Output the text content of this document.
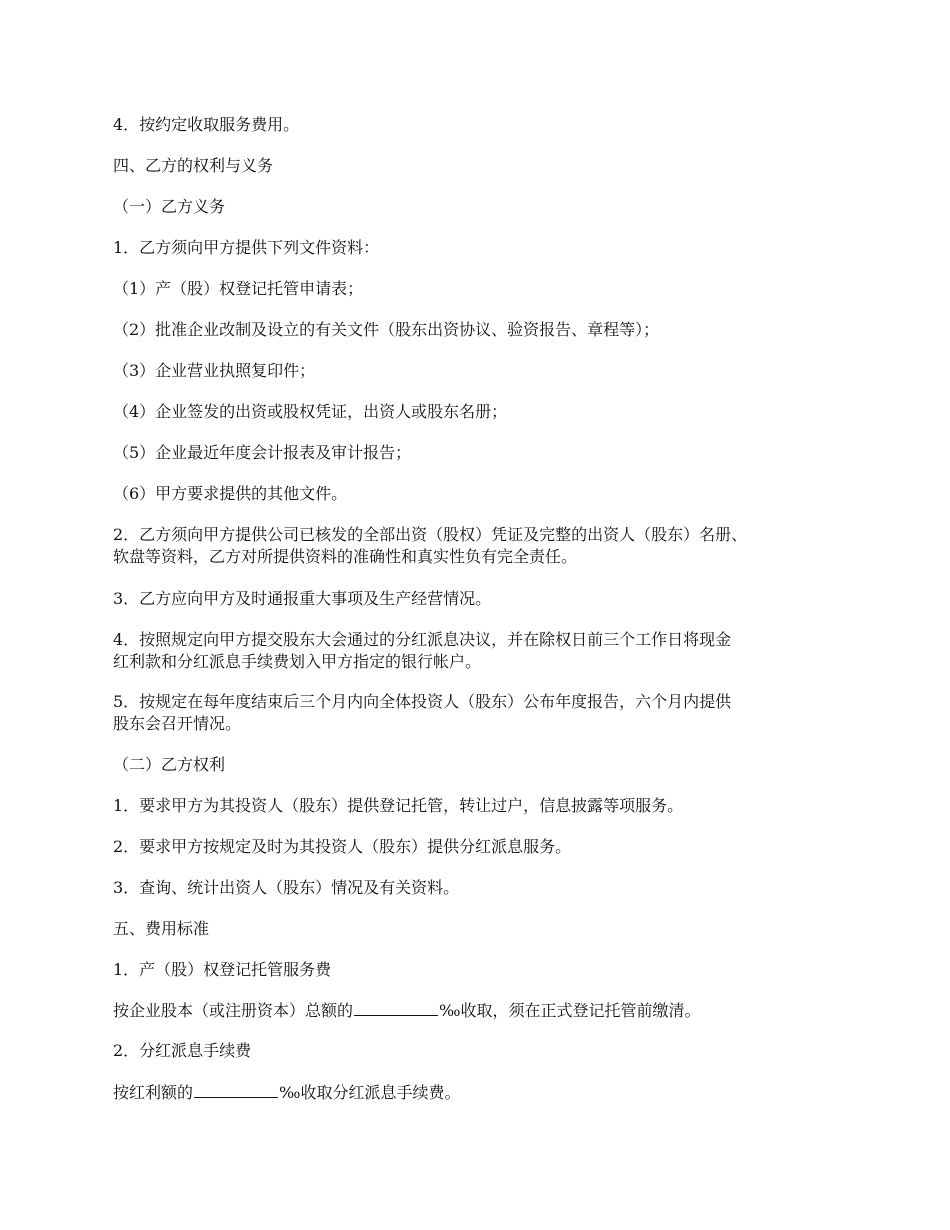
4．按约定收取服务费用。
四、乙方的权利与义务
（一）乙方义务
1．乙方须向甲方提供下列文件资料：
（1）产（股）权登记托管申请表；
（2）批准企业改制及设立的有关文件（股东出资协议、验资报告、章程等）；
（3）企业营业执照复印件；
（4）企业签发的出资或股权凭证，出资人或股东名册；
（5）企业最近年度会计报表及审计报告；
（6）甲方要求提供的其他文件。
2．乙方须向甲方提供公司已核发的全部出资（股权）凭证及完整的出资人（股东）名册、
软盘等资料，乙方对所提供资料的准确性和真实性负有完全责任。
3．乙方应向甲方及时通报重大事项及生产经营情况。
4．按照规定向甲方提交股东大会通过的分红派息决议，并在除权日前三个工作日将现金
红利款和分红派息手续费划入甲方指定的银行帐户。
5．按规定在每年度结束后三个月内向全体投资人（股东）公布年度报告，六个月内提供
股东会召开情况。
（二）乙方权利
1．要求甲方为其投资人（股东）提供登记托管，转让过户，信息披露等项服务。
2．要求甲方按规定及时为其投资人（股东）提供分红派息服务。
3．查询、统计出资人（股东）情况及有关资料。
五、费用标准
1．产（股）权登记托管服务费
按企业股本（或注册资本）总额的	‰收取，须在正式登记托管前缴清。
2．分红派息手续费
按红利额的	‰收取分红派息手续费。
